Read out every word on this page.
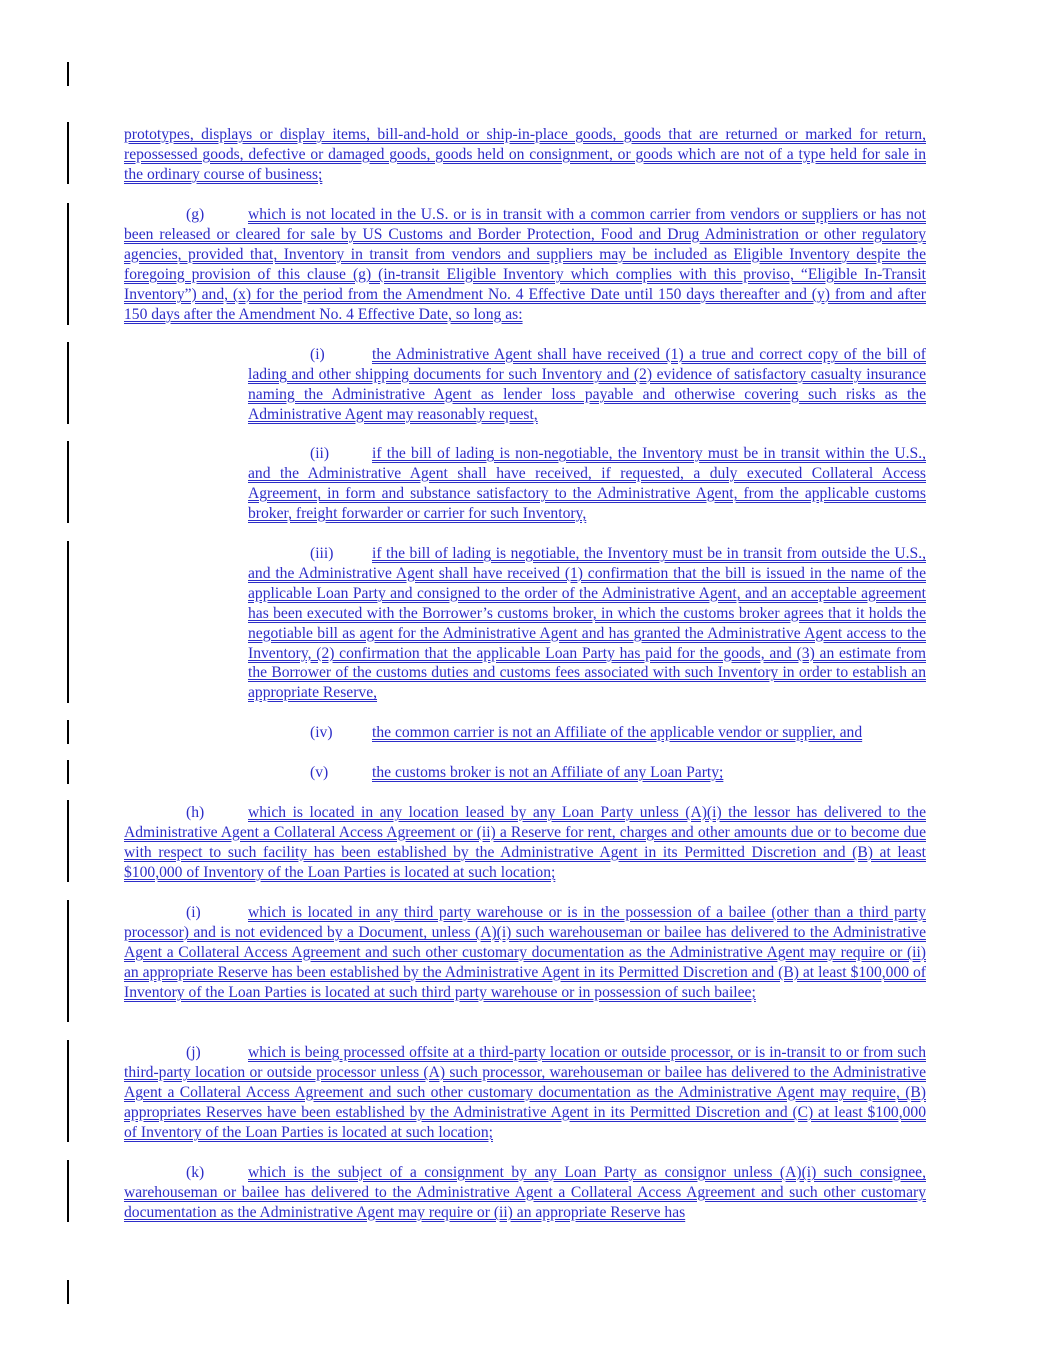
prototypes, displays or display items, bill-and-hold or ship-in-place goods, goods that are returned or marked for return, repossessed goods, defective or damaged goods, goods held on consignment, or goods which are not of a type held for sale in the ordinary course of business;
(g)	which is not located in the U.S. or is in transit with a common carrier from vendors or suppliers or has not been released or cleared for sale by US Customs and Border Protection, Food and Drug Administration or other regulatory agencies, provided that, Inventory in transit from vendors and suppliers may be included as Eligible Inventory despite the foregoing provision of this clause (g) (in-transit Eligible Inventory which complies with this proviso, “Eligible In-Transit Inventory”) and, (x) for the period from the Amendment No. 4 Effective Date until 150 days thereafter and (y) from and after 150 days after the Amendment No. 4 Effective Date, so long as:
(i)	the Administrative Agent shall have received (1) a true and correct copy of the bill of lading and other shipping documents for such Inventory and (2) evidence of satisfactory casualty insurance naming the Administrative Agent as lender loss payable and otherwise covering such risks as the Administrative Agent may reasonably request,
(ii)	if the bill of lading is non-negotiable, the Inventory must be in transit within the U.S., and the Administrative Agent shall have received, if requested, a duly executed Collateral Access Agreement, in form and substance satisfactory to the Administrative Agent, from the applicable customs broker, freight forwarder or carrier for such Inventory,
(iii) if the bill of lading is negotiable, the Inventory must be in transit from outside the U.S., and the Administrative Agent shall have received (1) confirmation that the bill is issued in the name of the applicable Loan Party and consigned to the order of the Administrative Agent, and an acceptable agreement has been executed with the Borrower’s customs broker, in which the customs broker agrees that it holds the negotiable bill as agent for the Administrative Agent and has granted the Administrative Agent access to the Inventory, (2) confirmation that the applicable Loan Party has paid for the goods, and (3) an estimate from the Borrower of the customs duties and customs fees associated with such Inventory in order to establish an appropriate Reserve,
(iv)	the common carrier is not an Affiliate of the applicable vendor or supplier, and
(v)	the customs broker is not an Affiliate of any Loan Party;
(h)	which is located in any location leased by any Loan Party unless (A)(i) the lessor has delivered to the Administrative Agent a Collateral Access Agreement or (ii) a Reserve for rent, charges and other amounts due or to become due with respect to such facility has been established by the Administrative Agent in its Permitted Discretion and (B) at least $100,000 of Inventory of the Loan Parties is located at such location;
(i)	which is located in any third party warehouse or is in the possession of a bailee (other than a third party processor) and is not evidenced by a Document, unless (A)(i) such warehouseman or bailee has delivered to the Administrative Agent a Collateral Access Agreement and such other customary documentation as the Administrative Agent may require or (ii) an appropriate Reserve has been established by the Administrative Agent in its Permitted Discretion and (B) at least $100,000 of Inventory of the Loan Parties is located at such third party warehouse or in possession of such bailee;
(j)	which is being processed offsite at a third-party location or outside processor, or is in-transit to or from such third-party location or outside processor unless (A) such processor, warehouseman or bailee has delivered to the Administrative Agent a Collateral Access Agreement and such other customary documentation as the Administrative Agent may require, (B) appropriates Reserves have been established by the Administrative Agent in its Permitted Discretion and (C) at least $100,000 of Inventory of the Loan Parties is located at such location;
(k)	which is the subject of a consignment by any Loan Party as consignor unless (A)(i) such consignee, warehouseman or bailee has delivered to the Administrative Agent a Collateral Access Agreement and such other customary documentation as the Administrative Agent may require or (ii) an appropriate Reserve has
